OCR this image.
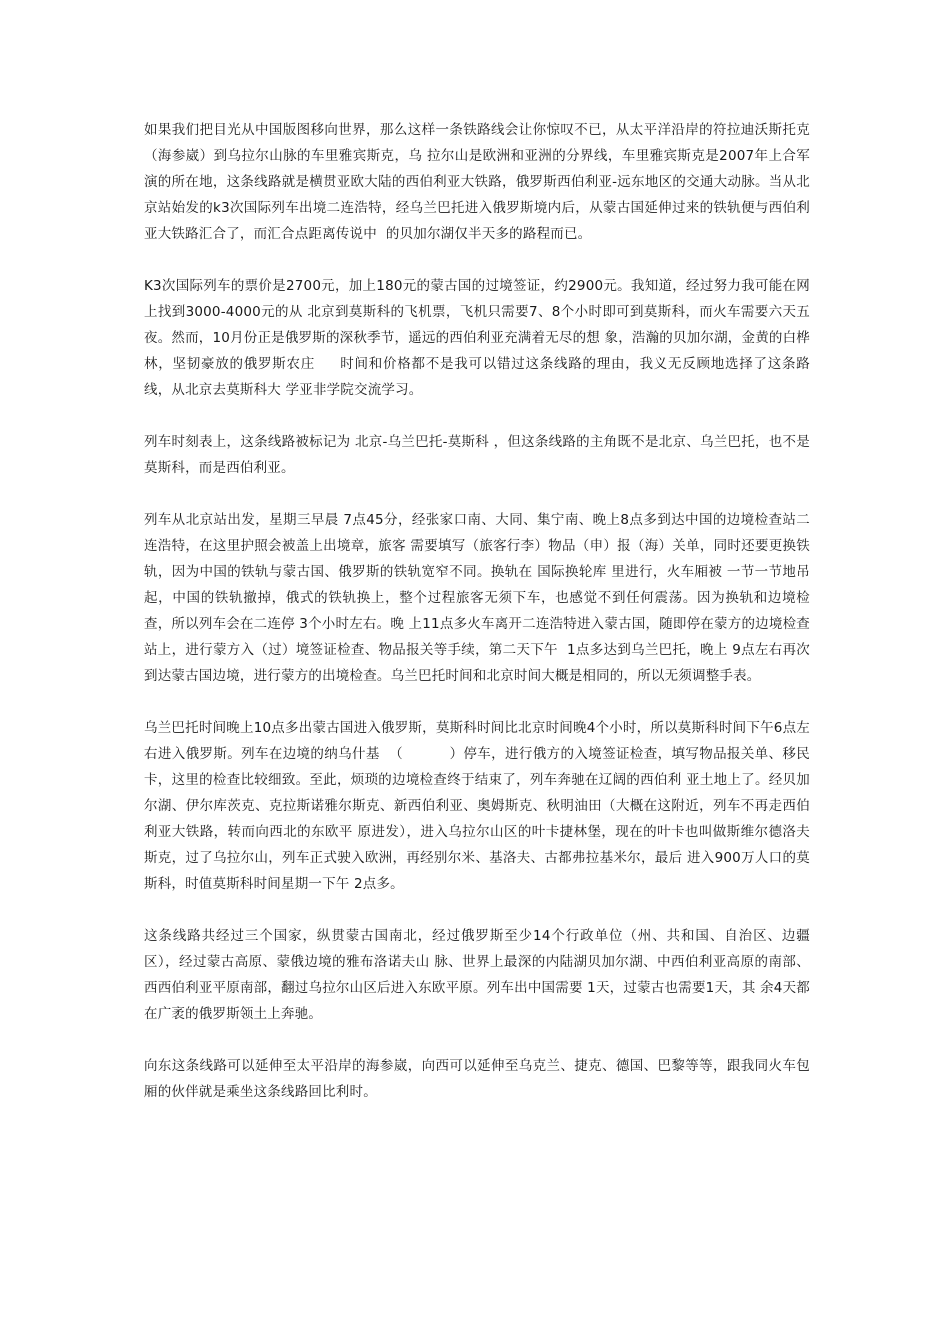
如果我们把目光从中国版图移向世界，那么这样一条铁路线会让你惊叹不已，从太平洋沿岸的符拉迪沃斯托克（海参崴）到乌拉尔山脉的车里雅宾斯克，乌 拉尔山是欧洲和亚洲的分界线，车里雅宾斯克是2007年上合军演的所在地，这条线路就是横贯亚欧大陆的西伯利亚大铁路，俄罗斯西伯利亚-远东地区的交通大动脉。当从北京站始发的k3次国际列车出境二连浩特，经乌兰巴托进入俄罗斯境内后，从蒙古国延伸过来的铁轨便与西伯利亚大铁路汇合了，而汇合点距离传说中  的贝加尔湖仅半天多的路程而已。

K3次国际列车的票价是2700元，加上180元的蒙古国的过境签证，约2900元。我知道，经过努力我可能在网上找到3000-4000元的从 北京到莫斯科的飞机票，飞机只需要7、8个小时即可到莫斯科，而火车需要六天五夜。然而，10月份正是俄罗斯的深秋季节，遥远的西伯利亚充满着无尽的想 象，浩瀚的贝加尔湖，金黄的白桦林，坚韧豪放的俄罗斯农庄     时间和价格都不是我可以错过这条线路的理由，我义无反顾地选择了这条路线，从北京去莫斯科大 学亚非学院交流学习。

列车时刻表上，这条线路被标记为 北京-乌兰巴托-莫斯科 ，但这条线路的主角既不是北京、乌兰巴托，也不是莫斯科，而是西伯利亚。

列车从北京站出发，星期三早晨 7点45分，经张家口南、大同、集宁南、晚上8点多到达中国的边境检查站二连浩特，在这里护照会被盖上出境章，旅客 需要填写（旅客行李）物品（申）报（海）关单，同时还要更换铁轨，因为中国的铁轨与蒙古国、俄罗斯的铁轨宽窄不同。换轨在 国际换轮库 里进行，火车厢被 一节一节地吊起，中国的铁轨撤掉，俄式的铁轨换上，整个过程旅客无须下车，也感觉不到任何震荡。因为换轨和边境检查，所以列车会在二连停 3个小时左右。晚 上11点多火车离开二连浩特进入蒙古国，随即停在蒙方的边境检查站上，进行蒙方入（过）境签证检查、物品报关等手续，第二天下午  1点多达到乌兰巴托，晚上 9点左右再次到达蒙古国边境，进行蒙方的出境检查。乌兰巴托时间和北京时间大概是相同的，所以无须调整手表。

乌兰巴托时间晚上10点多出蒙古国进入俄罗斯，莫斯科时间比北京时间晚4个小时，所以莫斯科时间下午6点左右进入俄罗斯。列车在边境的纳乌什基  （          ）停车，进行俄方的入境签证检查，填写物品报关单、移民卡，这里的检查比较细致。至此，烦琐的边境检查终于结束了，列车奔驰在辽阔的西伯利 亚土地上了。经贝加尔湖、伊尔库茨克、克拉斯诺雅尔斯克、新西伯利亚、奥姆斯克、秋明油田（大概在这附近，列车不再走西伯利亚大铁路，转而向西北的东欧平 原进发），进入乌拉尔山区的叶卡捷林堡，现在的叶卡也叫做斯维尔德洛夫斯克，过了乌拉尔山，列车正式驶入欧洲，再经别尔米、基洛夫、古都弗拉基米尔，最后 进入900万人口的莫斯科，时值莫斯科时间星期一下午 2点多。

这条线路共经过三个国家，纵贯蒙古国南北，经过俄罗斯至少14个行政单位（州、共和国、自治区、边疆区），经过蒙古高原、蒙俄边境的雅布洛诺夫山 脉、世界上最深的内陆湖贝加尔湖、中西伯利亚高原的南部、西西伯利亚平原南部，翻过乌拉尔山区后进入东欧平原。列车出中国需要 1天，过蒙古也需要1天，其 余4天都在广袤的俄罗斯领土上奔驰。

向东这条线路可以延伸至太平沿岸的海参崴，向西可以延伸至乌克兰、捷克、德国、巴黎等等，跟我同火车包厢的伙伴就是乘坐这条线路回比利时。
